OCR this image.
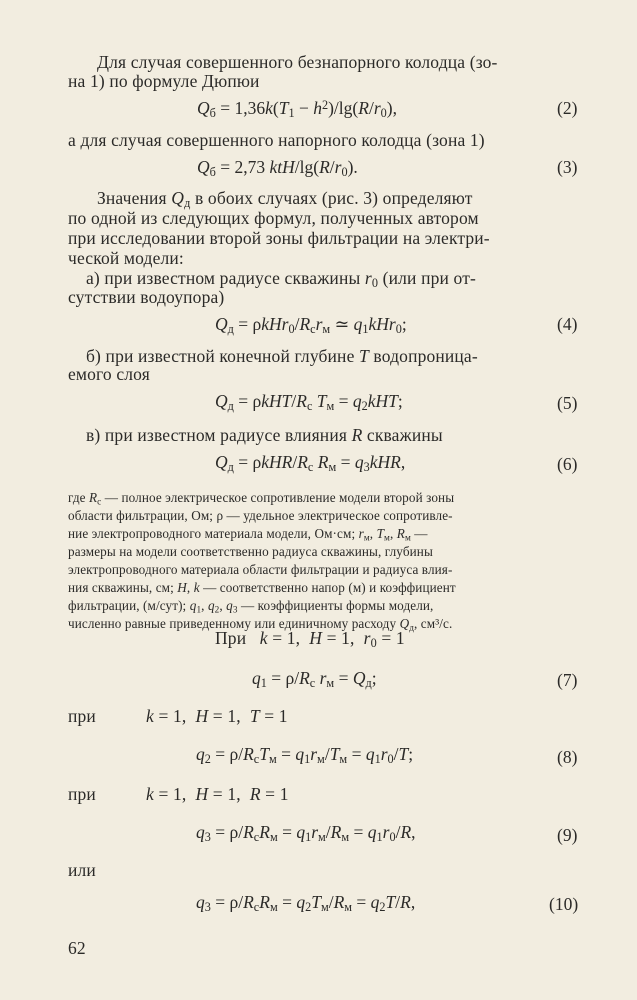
Для случая совершенного безнапорного колодца (зо-
на 1) по формуле Дюпюи
$Q_б = 1,36k(T_1 - h^2)/\lg(R/r_0)$,	(2)
а для случая совершенного напорного колодца (зона 1)
$Q_б = 2,73$ ktH/$\lg(R/r_0)$.	(3)
Значения $Q_д$ в обоих случаях (рис. 3) определяют
по одной из следующих формул, полученных автором
при исследовании второй зоны фильтрации на электри-
ческой модели:
а) при известном радиусе скважины $r_0$ (или при от-
сутствии водоупора)
$Q_д = \rho kHr_0/R_сr_м$ ≃ $q_1kHr_0$;	(4)
б) при известной конечной глубине T водопроница-
емого слоя
$Q_д = \rho kHT/R_с$ $T_м = q_2kHT$;	(5)
в) при известном радиусе влияния R скважины
$Q_д = \rho kHR/R_с$ $R_м = q_3kHR$,	(6)
где $R_с$ — полное электрическое сопротивление модели второй зоны
области фильтрации, Ом; ρ — удельное электрическое сопротивле-
ние электропроводного материала модели, Ом·см; $r_м$, $T_м$, $R_м$ —
размеры на модели соответственно радиуса скважины, глубины
электропроводного материала области фильтрации и радиуса влия-
ния скважины, см; H, k — соответственно напор (м) и коэффициент
фильтрации, (м/сут); $q_1$, $q_2$, $q_3$ — коэффициенты формы модели,
численно равные приведенному или единичному расходу $Q_д$, см³/с.
При   k = 1,  H = 1,  $r_0 = 1$
$q_1 = \rho/R_с$ $r_м = Q_д$;	(7)
при	k = 1,  H = 1,  T = 1
$q_2 = \rho/R_сT_м = q_1r_м/T_м = q_1r_0/T$;	(8)
при	k = 1,  H = 1,  R = 1
$q_3 = \rho/R_сR_м = q_1r_м/R_м = q_1r_0/R$,	(9)
или
$q_3 = \rho/R_сR_м = q_2T_м/R_м = q_2T/R$,	(10)
62
